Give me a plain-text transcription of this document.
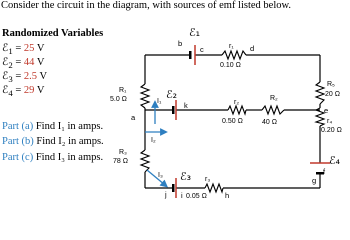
Consider the circuit in the diagram, with sources of emf listed below.
Randomized Variables
ℰ$_1$ = 25 V
ℰ$_2$ = 44 V
ℰ$_3$ = 2.5 V
ℰ$_4$ = 29 V
Part (a) Find I₁ in amps.
Part (b) Find I₂ in amps.
Part (c) Find I₃ in amps.
a
b
c	d
e
f
g
h
i
j
k
ℰ₁
ℰ₂
ℰ₃
ℰ₄
r₁
0.10 Ω
R₁
5.0 Ω	r₂
0.50 Ω
R₂
40 Ω
R₃
78 Ω
r₃
0.05 Ω
R₅
20 Ω
r₄
0.20 Ω
I₁
I₂
I₃
